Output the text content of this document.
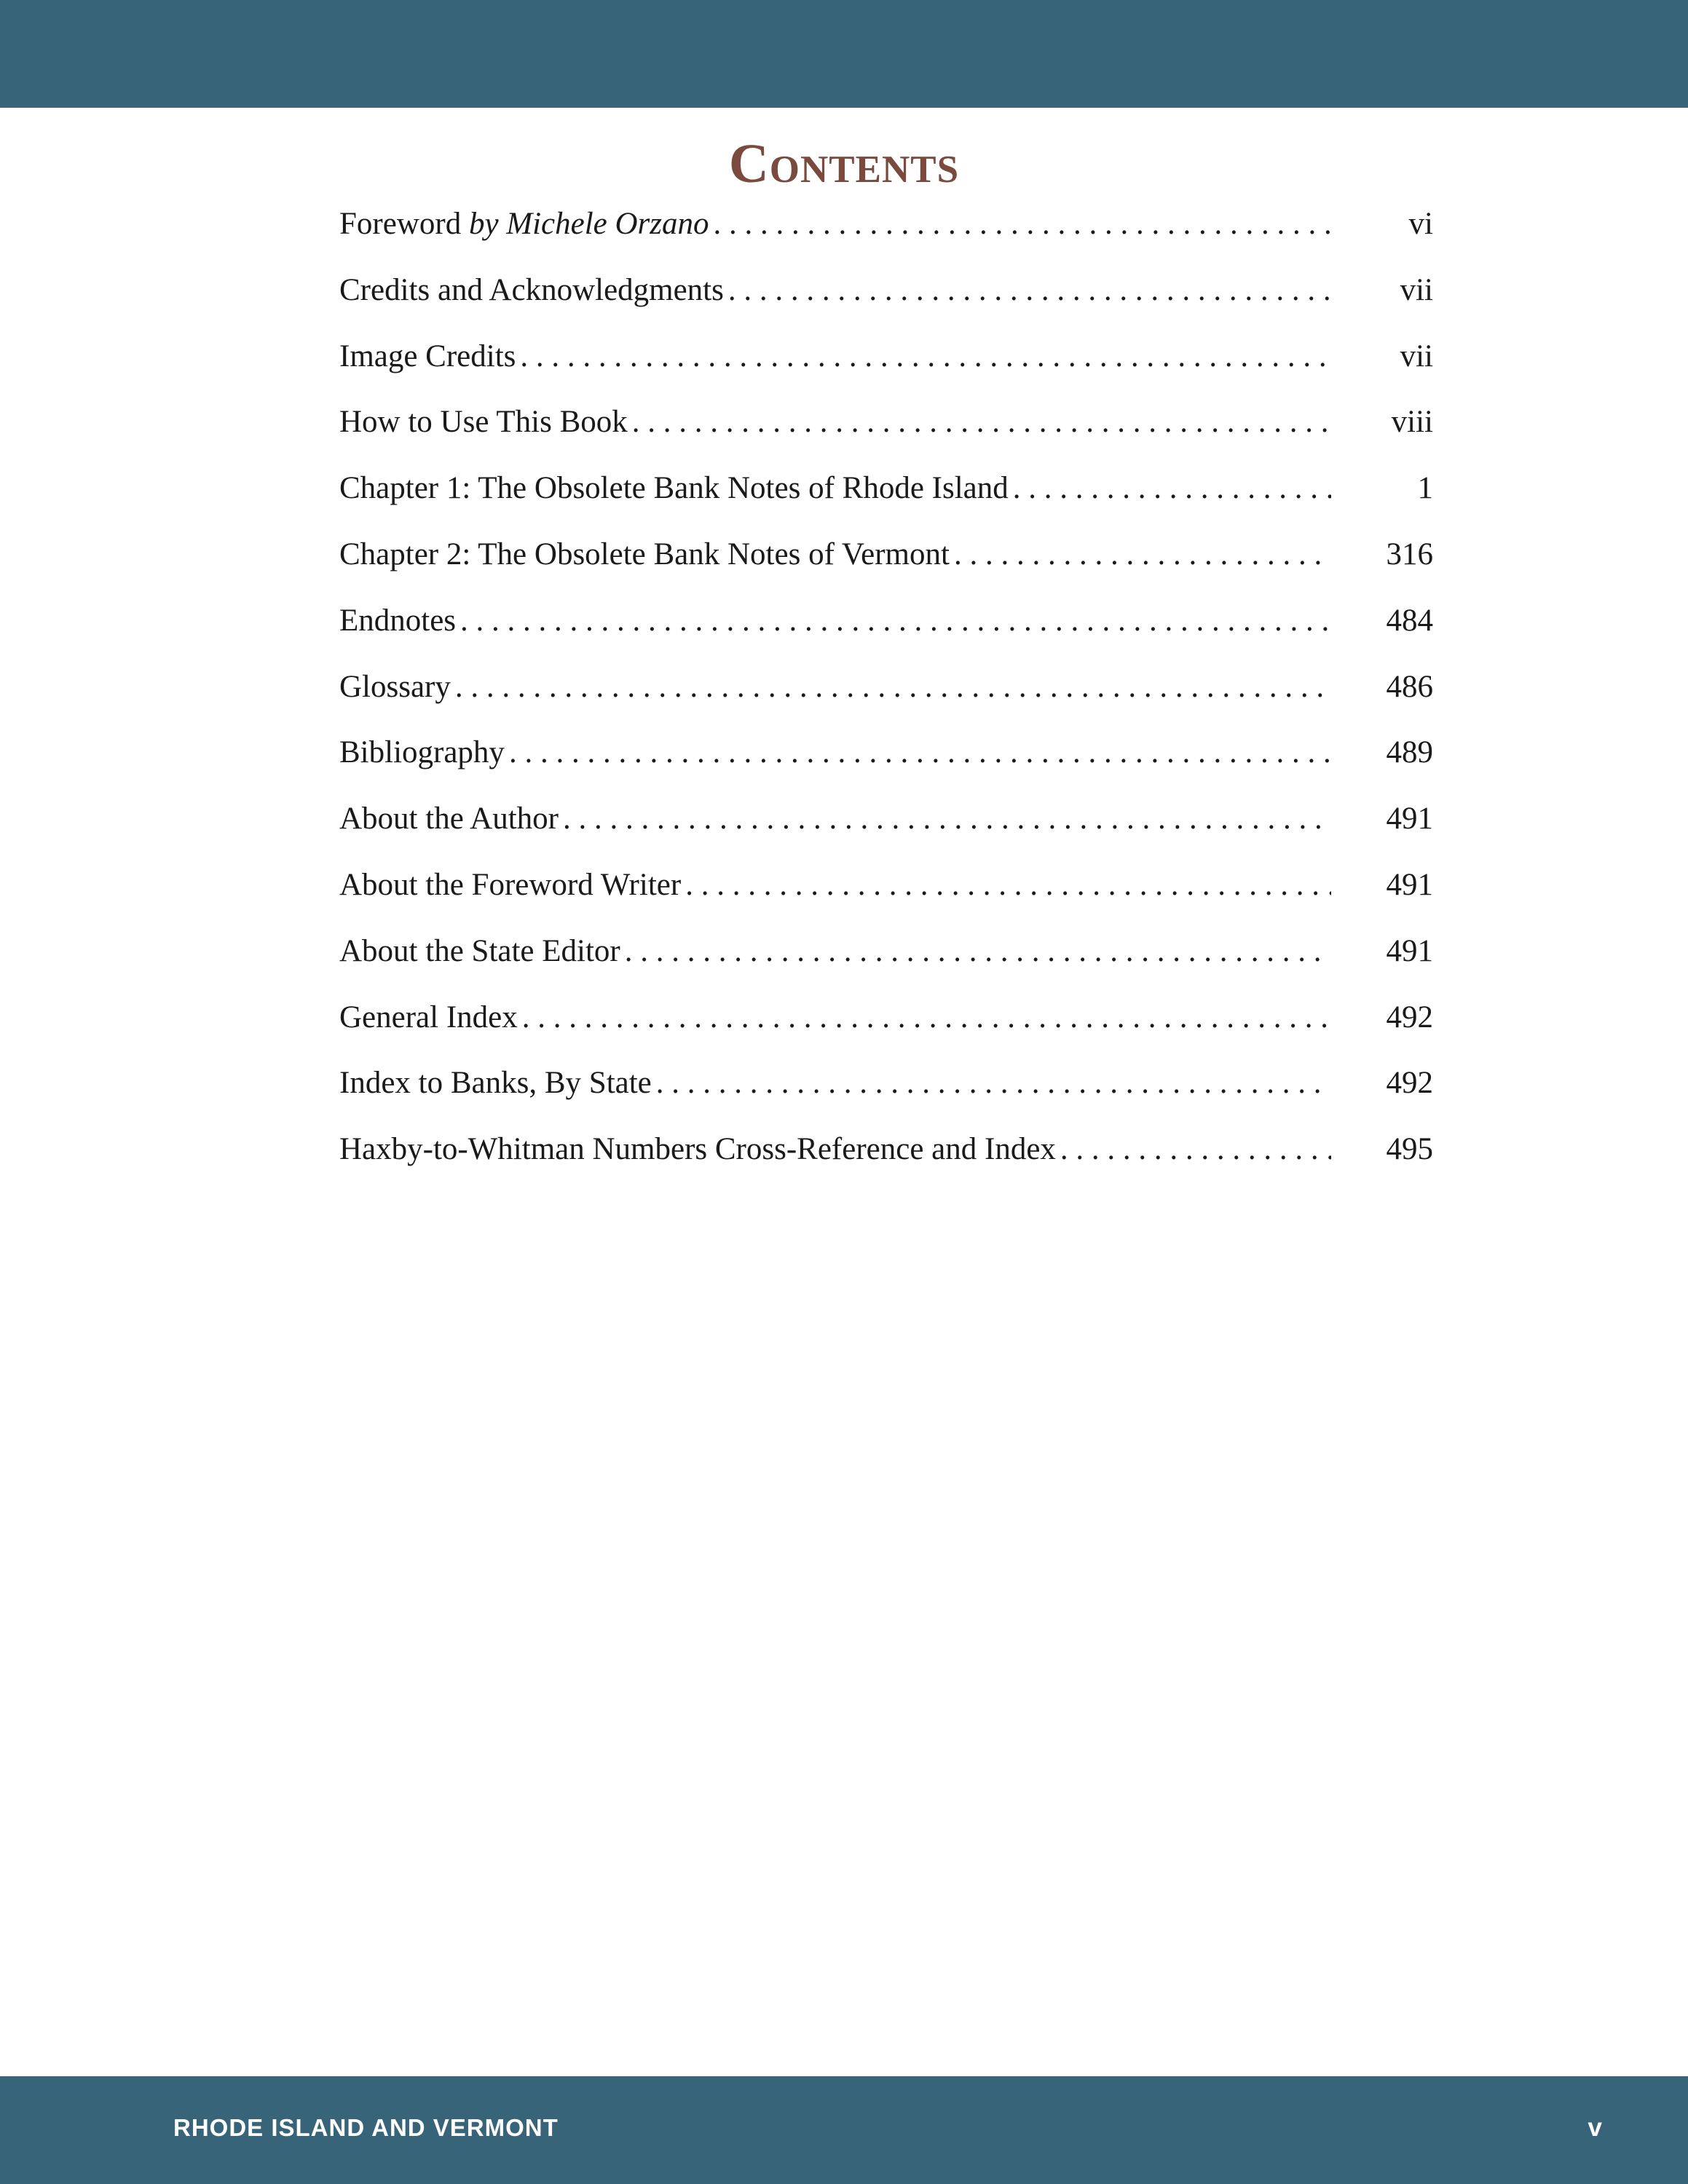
Contents
Foreword by Michele Orzano . . .	vi
Credits and Acknowledgments . . .	vii
Image Credits . . .	vii
How to Use This Book . . .	viii
Chapter 1: The Obsolete Bank Notes of Rhode Island . . .	1
Chapter 2: The Obsolete Bank Notes of Vermont . . .	316
Endnotes . . .	484
Glossary . . .	486
Bibliography . . .	489
About the Author . . .	491
About the Foreword Writer . . .	491
About the State Editor . . .	491
General Index . . .	492
Index to Banks, By State . . .	492
Haxby-to-Whitman Numbers Cross-Reference and Index . . .	495
RHODE ISLAND AND VERMONT	v
